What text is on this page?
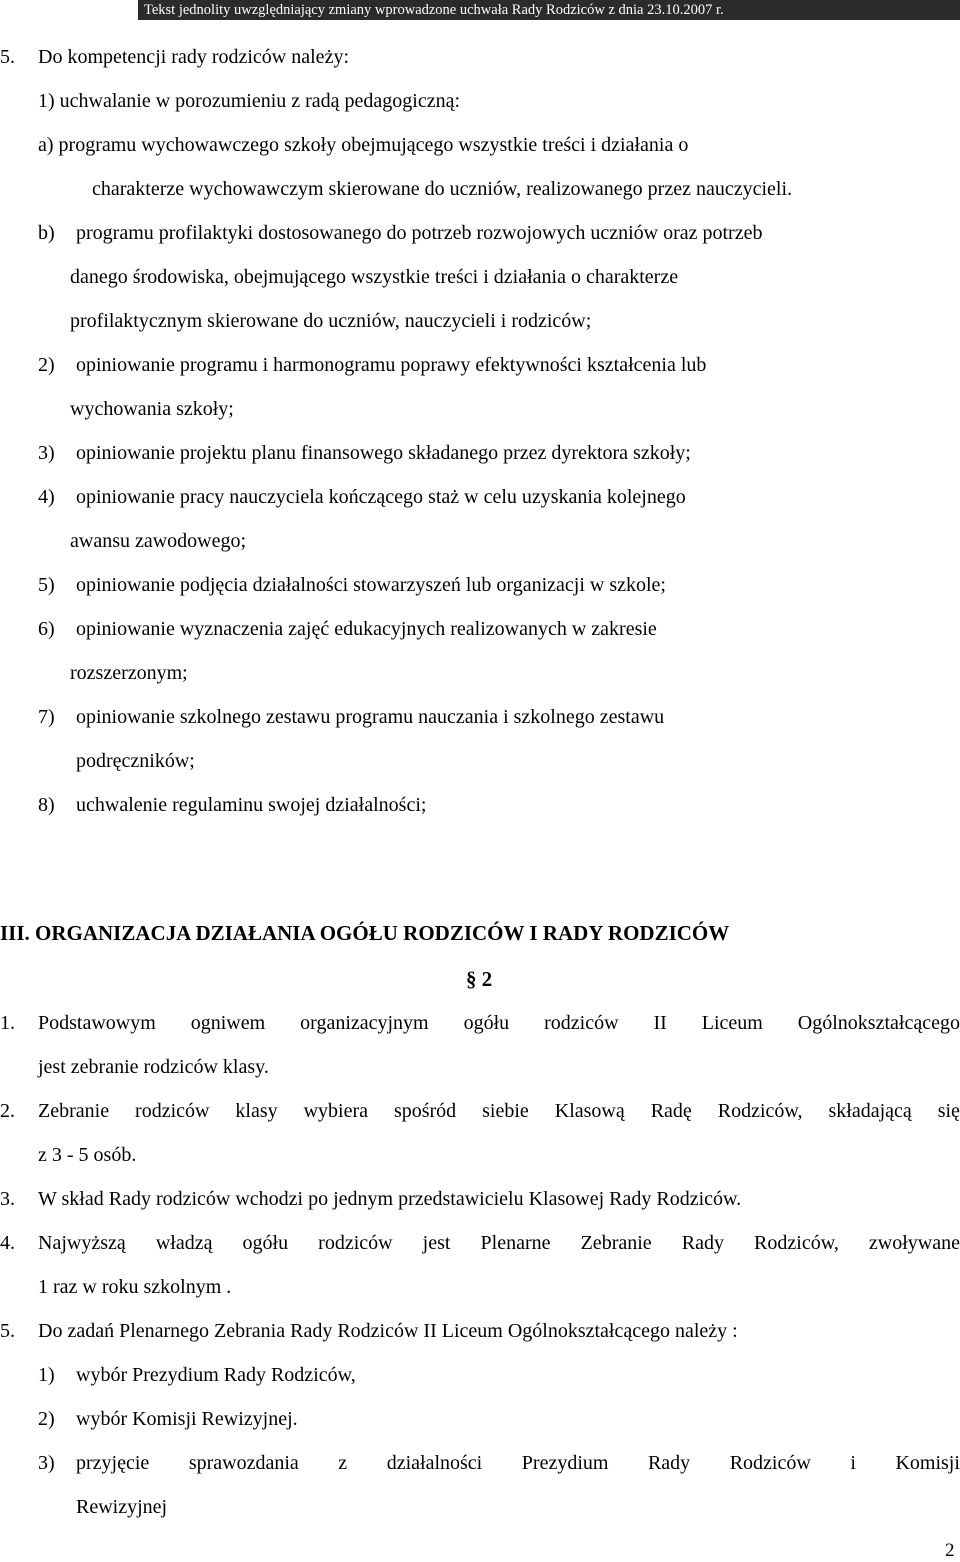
Tekst jednolity uwzględniający zmiany wprowadzone uchwała Rady Rodziców z dnia 23.10.2007 r.
5. Do kompetencji rady rodziców należy:
1) uchwalanie w porozumieniu z radą pedagogiczną:
a) programu wychowawczego szkoły obejmującego wszystkie treści i działania o
charakterze wychowawczym skierowane do uczniów, realizowanego przez nauczycieli.
b) programu profilaktyki dostosowanego do potrzeb rozwojowych uczniów oraz potrzeb
danego środowiska, obejmującego wszystkie treści i działania o charakterze
profilaktycznym skierowane do uczniów, nauczycieli i rodziców;
2) opiniowanie programu i harmonogramu poprawy efektywności kształcenia lub
wychowania szkoły;
3) opiniowanie projektu planu finansowego składanego przez dyrektora szkoły;
4) opiniowanie pracy nauczyciela kończącego staż w celu uzyskania kolejnego
awansu zawodowego;
5) opiniowanie podjęcia działalności stowarzyszeń lub organizacji w szkole;
6) opiniowanie wyznaczenia zajęć edukacyjnych realizowanych w zakresie
rozszerzonym;
7) opiniowanie szkolnego zestawu programu nauczania i szkolnego zestawu
podręczników;
8) uchwalenie regulaminu swojej działalności;
III. ORGANIZACJA DZIAŁANIA OGÓŁU RODZICÓW I RADY RODZICÓW
§ 2
1. Podstawowym ogniwem organizacyjnym ogółu rodziców II Liceum Ogólnokształcącego
jest zebranie rodziców klasy.
2. Zebranie rodziców klasy wybiera spośród siebie Klasową Radę Rodziców, składającą się
z 3 - 5 osób.
3. W skład Rady rodziców wchodzi po jednym przedstawicielu Klasowej Rady Rodziców.
4. Najwyższą władzą ogółu rodziców jest Plenarne Zebranie Rady Rodziców, zwoływane
1 raz w roku szkolnym .
5. Do zadań Plenarnego Zebrania Rady Rodziców II Liceum Ogólnokształcącego należy :
1) wybór Prezydium Rady Rodziców,
2) wybór Komisji Rewizyjnej.
3) przyjęcie sprawozdania z działalności Prezydium Rady Rodziców i Komisji
Rewizyjnej
2
